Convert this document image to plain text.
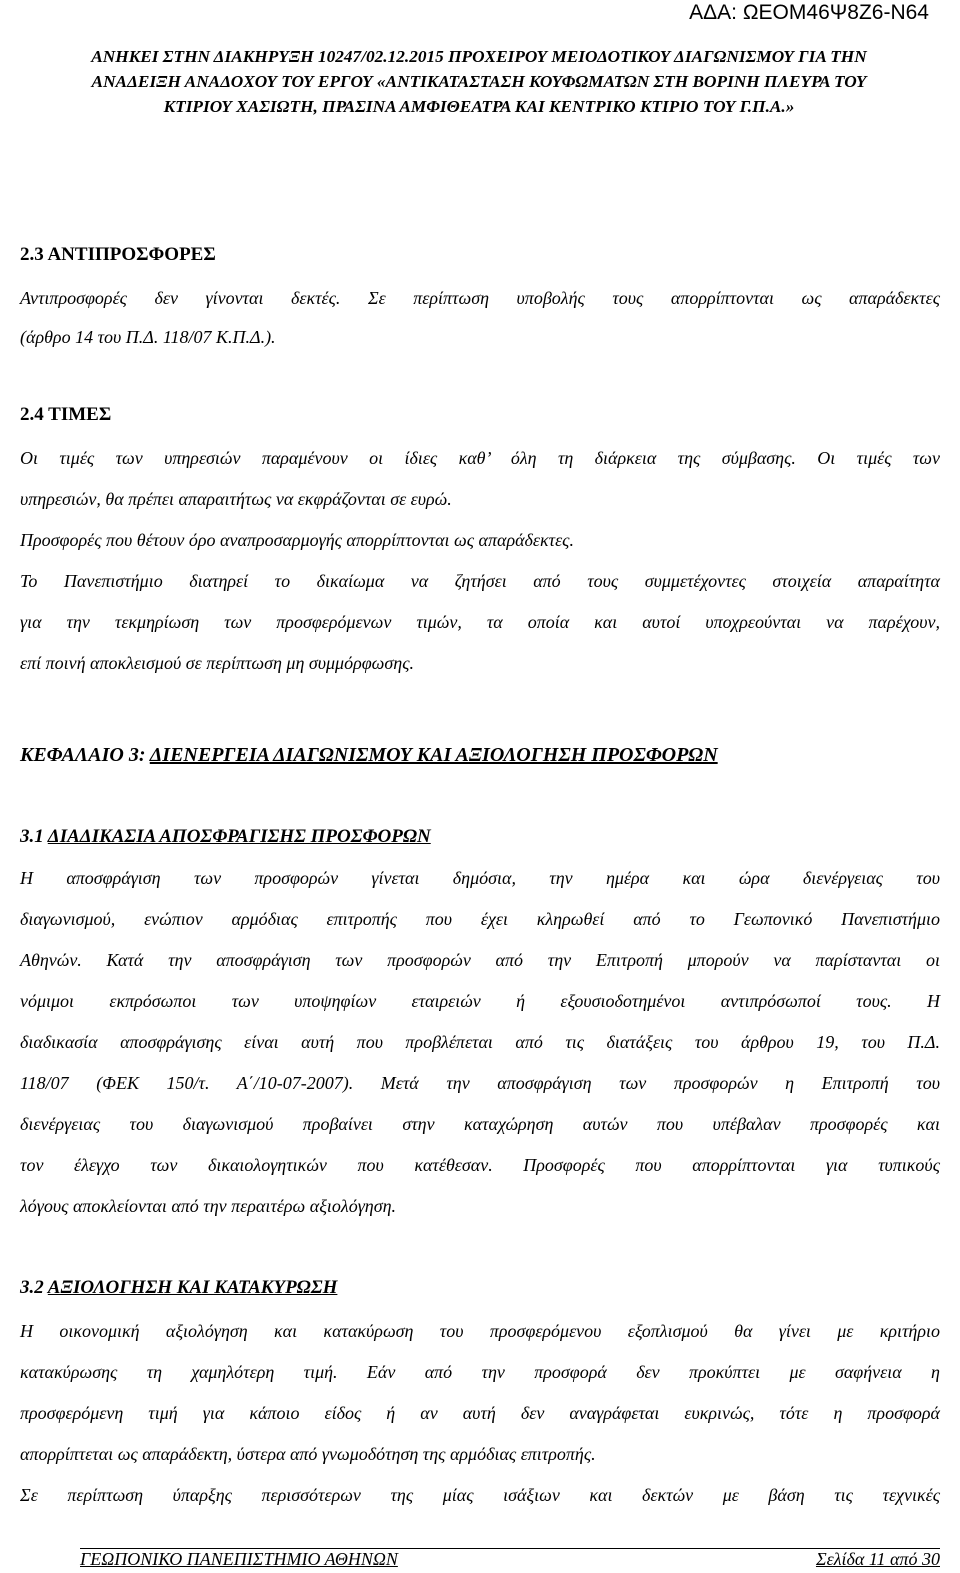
ΑΔΑ: ΩΕΟΜ46Ψ8Ζ6-Ν64
ΑΝΗΚΕΙ ΣΤΗΝ ΔΙΑΚΗΡΥΞΗ 10247/02.12.2015 ΠΡΟΧΕΙΡΟΥ ΜΕΙΟΔΟΤΙΚΟΥ ΔΙΑΓΩΝΙΣΜΟΥ ΓΙΑ ΤΗΝ
ΑΝΑΔΕΙΞΗ ΑΝΑΔΟΧΟΥ ΤΟΥ ΕΡΓΟΥ «ΑΝΤΙΚΑΤΑΣΤΑΣΗ ΚΟΥΦΩΜΑΤΩΝ ΣΤΗ ΒΟΡΙΝΗ ΠΛΕΥΡΑ ΤΟΥ
ΚΤΙΡΙΟΥ ΧΑΣΙΩΤΗ, ΠΡΑΣΙΝΑ ΑΜΦΙΘΕΑΤΡΑ ΚΑΙ ΚΕΝΤΡΙΚΟ ΚΤΙΡΙΟ ΤΟΥ Γ.Π.Α.»
2.3 ΑΝΤΙΠΡΟΣΦΟΡΕΣ
Αντιπροσφορές δεν γίνονται δεκτές. Σε περίπτωση υποβολής τους απορρίπτονται ως απαράδεκτες
(άρθρο 14 του Π.Δ. 118/07 Κ.Π.Δ.).
2.4 ΤΙΜΕΣ
Οι τιμές των υπηρεσιών παραμένουν οι ίδιες καθ’ όλη τη διάρκεια της σύμβασης. Οι τιμές των
υπηρεσιών, θα πρέπει απαραιτήτως να εκφράζονται σε ευρώ.
Προσφορές που θέτουν όρο αναπροσαρμογής απορρίπτονται ως απαράδεκτες.
Το Πανεπιστήμιο διατηρεί το δικαίωμα να ζητήσει από τους συμμετέχοντες στοιχεία απαραίτητα
για την τεκμηρίωση των προσφερόμενων τιμών, τα οποία και αυτοί υποχρεούνται να παρέχουν,
επί ποινή αποκλεισμού σε περίπτωση μη συμμόρφωσης.
ΚΕΦΑΛΑΙΟ 3: ΔΙΕΝΕΡΓΕΙΑ ΔΙΑΓΩΝΙΣΜΟΥ ΚΑΙ ΑΞΙΟΛΟΓΗΣΗ ΠΡΟΣΦΟΡΩΝ
3.1 ΔΙΑΔΙΚΑΣΙΑ ΑΠΟΣΦΡΑΓΙΣΗΣ ΠΡΟΣΦΟΡΩΝ
Η αποσφράγιση των προσφορών γίνεται δημόσια, την ημέρα και ώρα διενέργειας του
διαγωνισμού, ενώπιον αρμόδιας επιτροπής που έχει κληρωθεί από το Γεωπονικό Πανεπιστήμιο
Αθηνών. Κατά την αποσφράγιση των προσφορών από την Επιτροπή μπορούν να παρίστανται οι
νόμιμοι εκπρόσωποι των υποψηφίων εταιρειών ή εξουσιοδοτημένοι αντιπρόσωποί τους. Η
διαδικασία αποσφράγισης είναι αυτή που προβλέπεται από τις διατάξεις του άρθρου 19, του Π.Δ.
118/07 (ΦΕΚ 150/τ. Α΄/10-07-2007). Μετά την αποσφράγιση των προσφορών η Επιτροπή του
διενέργειας του διαγωνισμού προβαίνει στην καταχώρηση αυτών που υπέβαλαν προσφορές και
τον έλεγχο των δικαιολογητικών που κατέθεσαν. Προσφορές που απορρίπτονται για τυπικούς
λόγους αποκλείονται από την περαιτέρω αξιολόγηση.
3.2 ΑΞΙΟΛΟΓΗΣΗ ΚΑΙ ΚΑΤΑΚΥΡΩΣΗ
Η οικονομική αξιολόγηση και κατακύρωση του προσφερόμενου εξοπλισμού θα γίνει με κριτήριο
κατακύρωσης τη χαμηλότερη τιμή. Εάν από την προσφορά δεν προκύπτει με σαφήνεια η
προσφερόμενη τιμή για κάποιο είδος ή αν αυτή δεν αναγράφεται ευκρινώς, τότε η προσφορά
απορρίπτεται ως απαράδεκτη, ύστερα από γνωμοδότηση της αρμόδιας επιτροπής.
Σε περίπτωση ύπαρξης περισσότερων της μίας ισάξιων και δεκτών με βάση τις τεχνικές
ΓΕΩΠΟΝΙΚΟ ΠΑΝΕΠΙΣΤΗΜΙΟ ΑΘΗΝΩΝ	Σελίδα 11 από 30
